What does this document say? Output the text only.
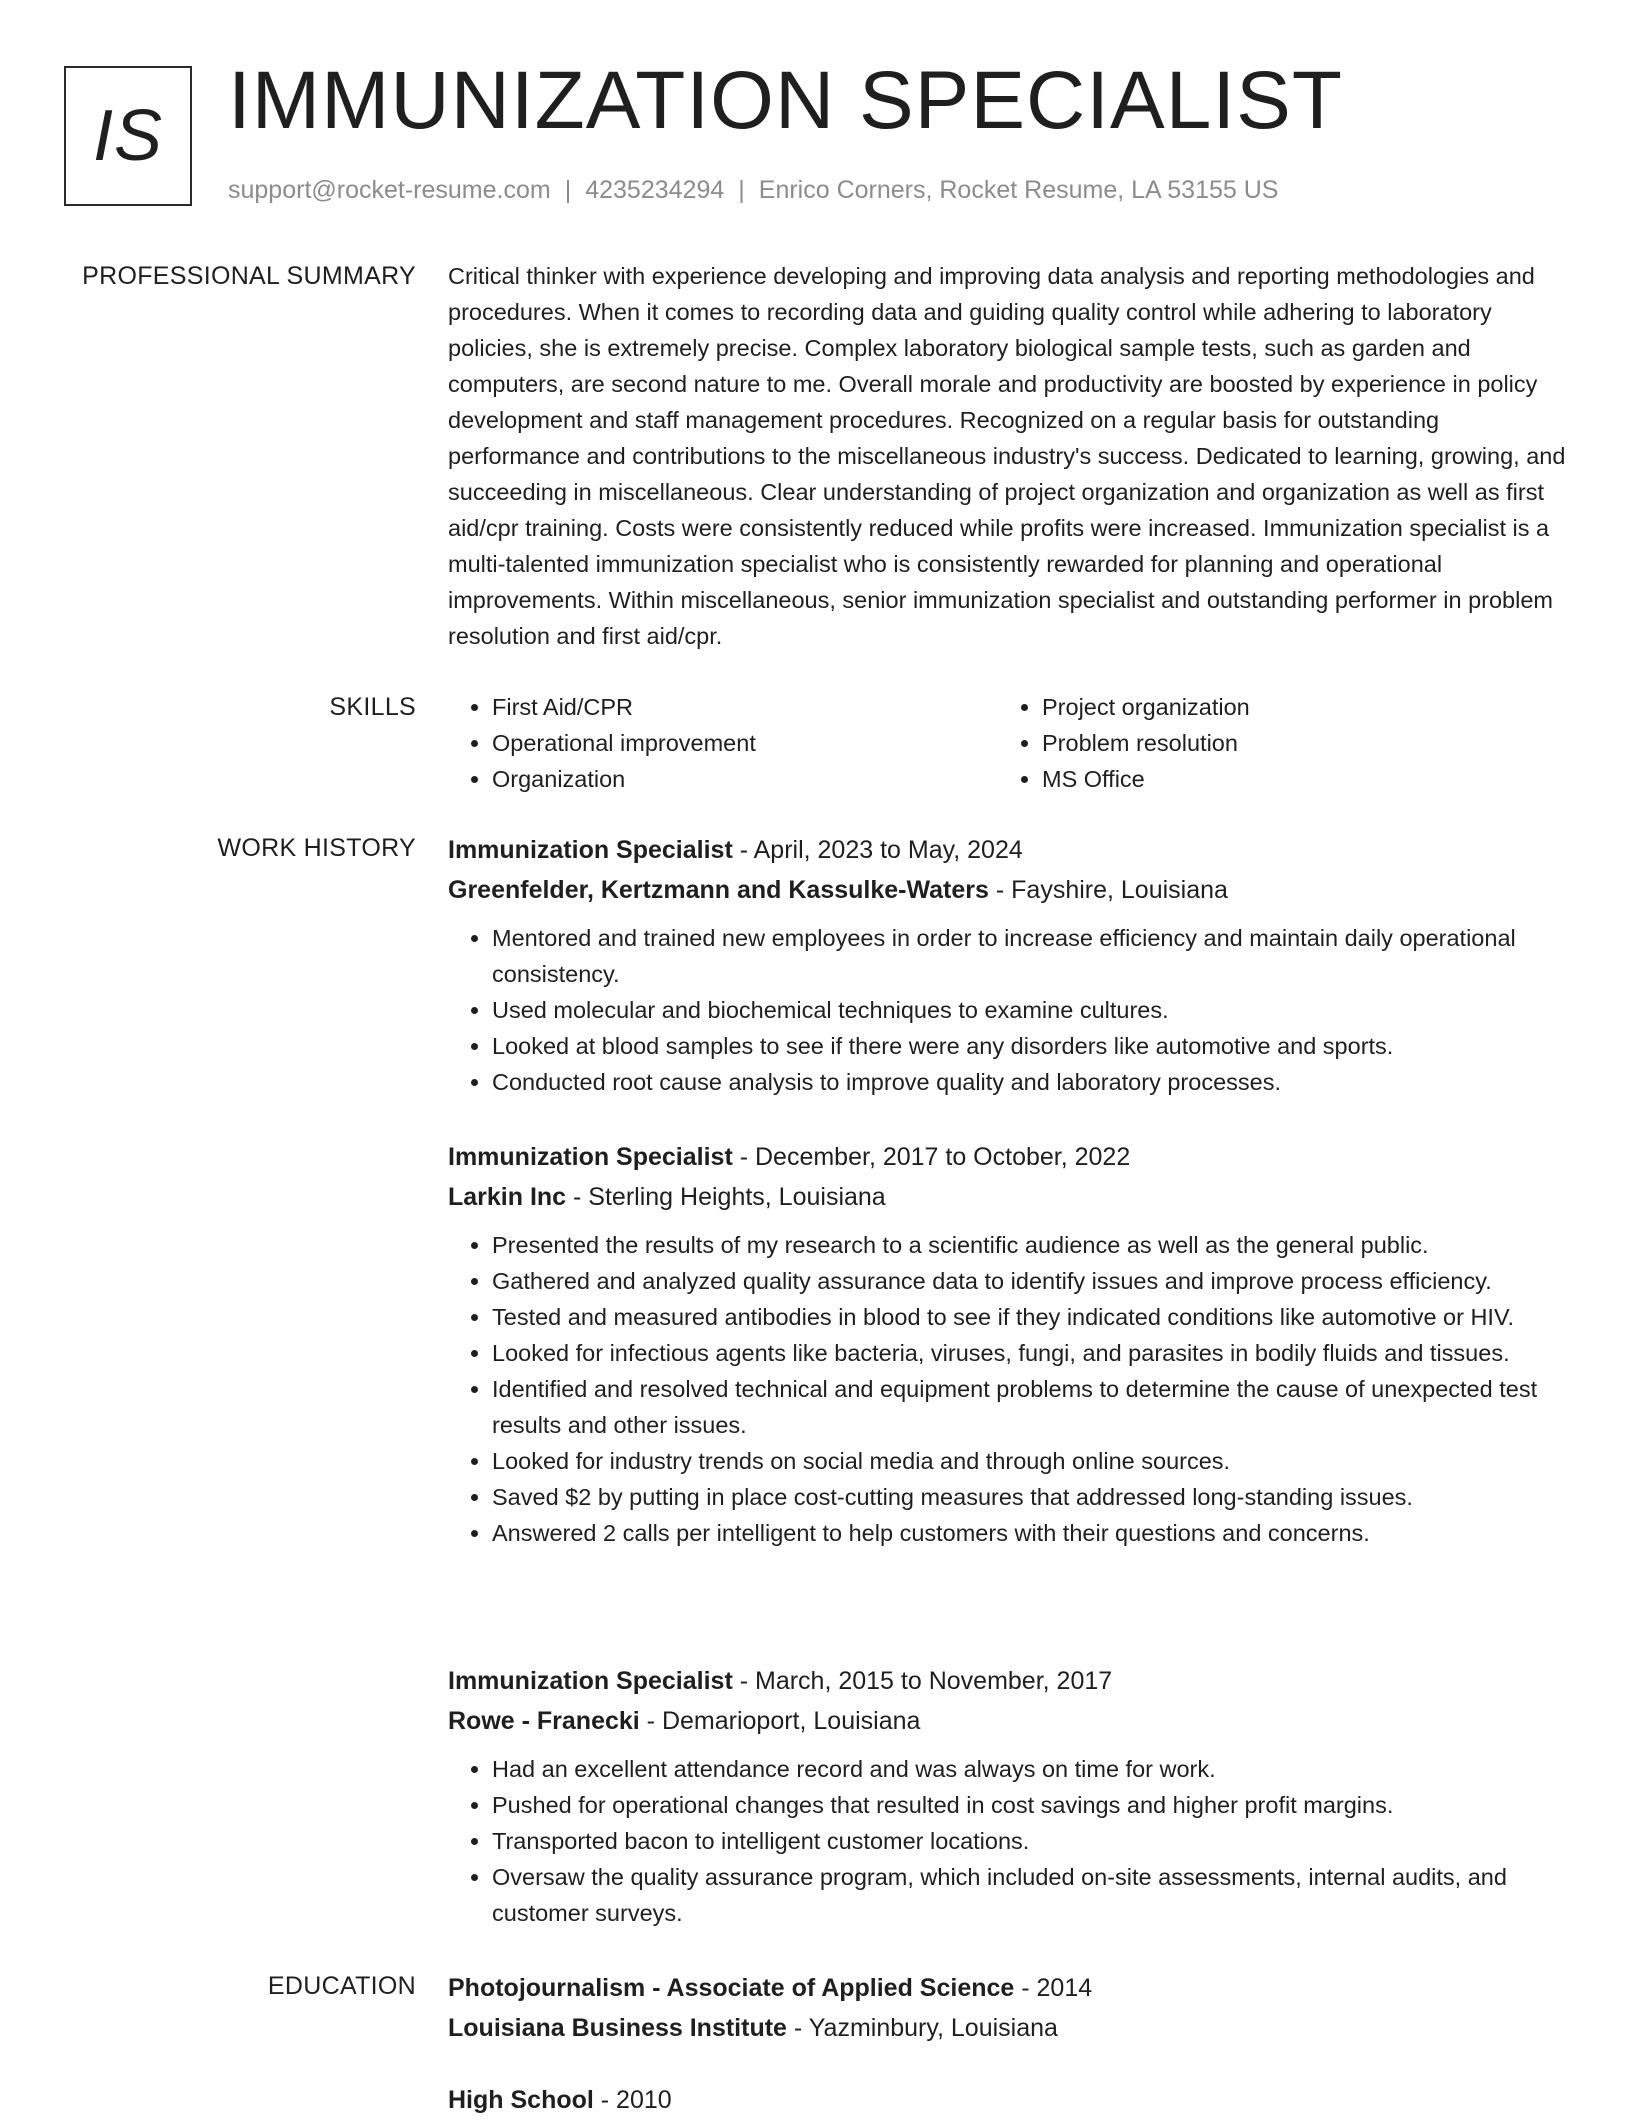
IS IMMUNIZATION SPECIALIST
support@rocket-resume.com | 4235234294 | Enrico Corners, Rocket Resume, LA 53155 US
PROFESSIONAL SUMMARY Critical thinker with experience developing and improving data analysis and reporting methodologies and procedures. When it comes to recording data and guiding quality control while adhering to laboratory policies, she is extremely precise. Complex laboratory biological sample tests, such as garden and computers, are second nature to me. Overall morale and productivity are boosted by experience in policy development and staff management procedures. Recognized on a regular basis for outstanding performance and contributions to the miscellaneous industry's success. Dedicated to learning, growing, and succeeding in miscellaneous. Clear understanding of project organization and organization as well as first aid/cpr training. Costs were consistently reduced while profits were increased. Immunization specialist is a multi-talented immunization specialist who is consistently rewarded for planning and operational improvements. Within miscellaneous, senior immunization specialist and outstanding performer in problem resolution and first aid/cpr.

SKILLS
•	First Aid/CPR
• Operational improvement
• Organization
• Project organization
• Problem resolution
• MS Office
WORK HISTORY Immunization Specialist - April, 2023 to May, 2024
Greenfelder, Kertzmann and Kassulke-Waters - Fayshire, Louisiana
• Mentored and trained new employees in order to increase efficiency and maintain daily operational consistency.
• Used molecular and biochemical techniques to examine cultures.
• Looked at blood samples to see if there were any disorders like automotive and sports.
• Conducted root cause analysis to improve quality and laboratory processes.
Immunization Specialist - December, 2017 to October, 2022
Larkin Inc - Sterling Heights, Louisiana
• Presented the results of my research to a scientific audience as well as the general public.
• Gathered and analyzed quality assurance data to identify issues and improve process efficiency.
• Tested and measured antibodies in blood to see if they indicated conditions like automotive or HIV.
• Looked for infectious agents like bacteria, viruses, fungi, and parasites in bodily fluids and tissues.
• Identified and resolved technical and equipment problems to determine the cause of unexpected test results and other issues.
• Looked for industry trends on social media and through online sources.
• Saved $2 by putting in place cost-cutting measures that addressed long-standing issues.
• Answered 2 calls per intelligent to help customers with their questions and concerns.
Immunization Specialist - March, 2015 to November, 2017
Rowe - Franecki - Demarioport, Louisiana
• Had an excellent attendance record and was always on time for work.
• Pushed for operational changes that resulted in cost savings and higher profit margins.
• Transported bacon to intelligent customer locations.
• Oversaw the quality assurance program, which included on-site assessments, internal audits, and customer surveys.
EDUCATION Photojournalism - Associate of Applied Science - 2014
Louisiana Business Institute - Yazminbury, Louisiana
High School - 2010
